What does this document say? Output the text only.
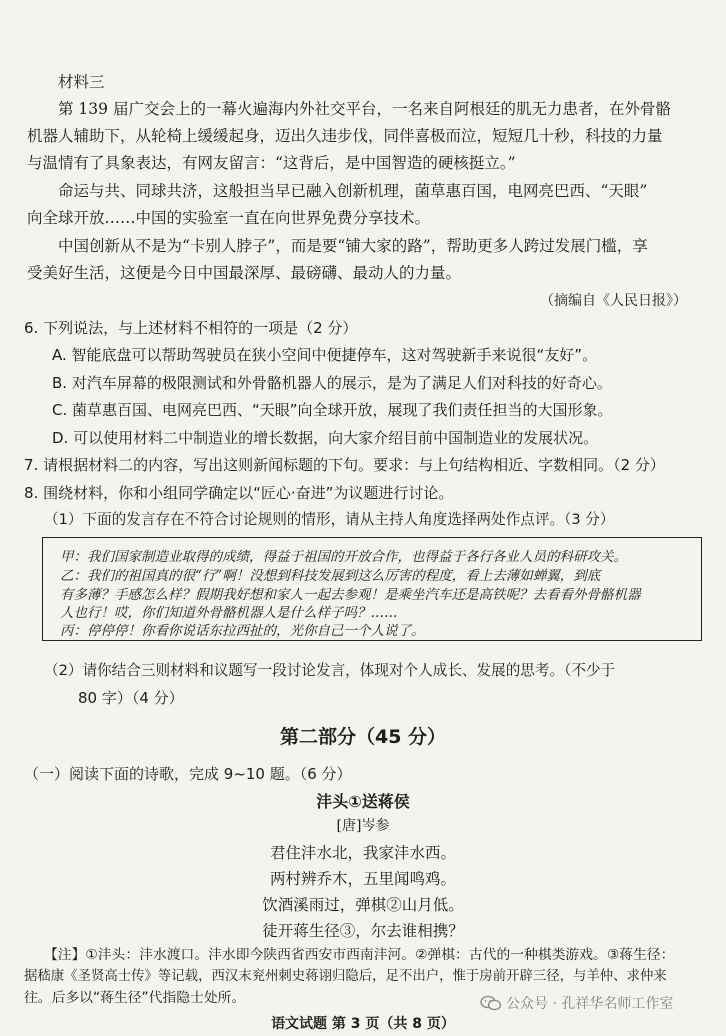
材料三
第 139 届广交会上的一幕火遍海内外社交平台，一名来自阿根廷的肌无力患者，在外骨骼
机器人辅助下，从轮椅上缓缓起身，迈出久违步伐，同伴喜极而泣，短短几十秒，科技的力量
与温情有了具象表达，有网友留言：“这背后，是中国智造的硬核挺立。”
命运与共、同球共济，这般担当早已融入创新机理，菌草惠百国，电网亮巴西、“天眼”
向全球开放……中国的实验室一直在向世界免费分享技术。
中国创新从不是为“卡别人脖子”，而是要“铺大家的路”，帮助更多人跨过发展门槛，享
受美好生活，这便是今日中国最深厚、最磅礴、最动人的力量。
（摘编自《人民日报》）
6. 下列说法，与上述材料不相符的一项是（2 分）
A. 智能底盘可以帮助驾驶员在狭小空间中便捷停车，这对驾驶新手来说很“友好”。
B. 对汽车屏幕的极限测试和外骨骼机器人的展示，是为了满足人们对科技的好奇心。
C. 菌草惠百国、电网亮巴西、“天眼”向全球开放，展现了我们责任担当的大国形象。
D. 可以使用材料二中制造业的增长数据，向大家介绍目前中国制造业的发展状况。
7. 请根据材料二的内容，写出这则新闻标题的下句。要求：与上句结构相近、字数相同。（2 分）
8. 围绕材料，你和小组同学确定以“匠心·奋进”为议题进行讨论。
（1）下面的发言存在不符合讨论规则的情形，请从主持人角度选择两处作点评。（3 分）
甲：我们国家制造业取得的成绩，得益于祖国的开放合作，也得益于各行各业人员的科研攻关。
乙：我们的祖国真的很“行”啊！没想到科技发展到这么厉害的程度，看上去薄如蝉翼，到底
有多薄？手感怎么样？假期我好想和家人一起去参观！是乘坐汽车还是高铁呢？去看看外骨骼机器
人也行！哎，你们知道外骨骼机器人是什么样子吗？……
丙：停停停！你看你说话东拉西扯的，光你自己一个人说了。
（2）请你结合三则材料和议题写一段讨论发言，体现对个人成长、发展的思考。（不少于
80 字）（4 分）
第二部分（45 分）
（一）阅读下面的诗歌，完成 9~10 题。（6 分）
沣头①送蒋侯
[唐]岑参
君住沣水北，我家沣水西。
两村辨乔木，五里闻鸣鸡。
饮酒溪雨过，弹棋②山月低。
徒开蒋生径③，尔去谁相携？
【注】①沣头：沣水渡口。沣水即今陕西省西安市西南沣河。②弹棋：古代的一种棋类游戏。③蒋生径：
据嵇康《圣贤高士传》等记载，西汉末兖州刺史蒋诩归隐后，足不出户，惟于房前开辟三径，与羊仲、求仲来
往。后多以“蒋生径”代指隐士处所。	公众号 · 孔祥华名师工作室
语文试题 第 3 页（共 8 页）
